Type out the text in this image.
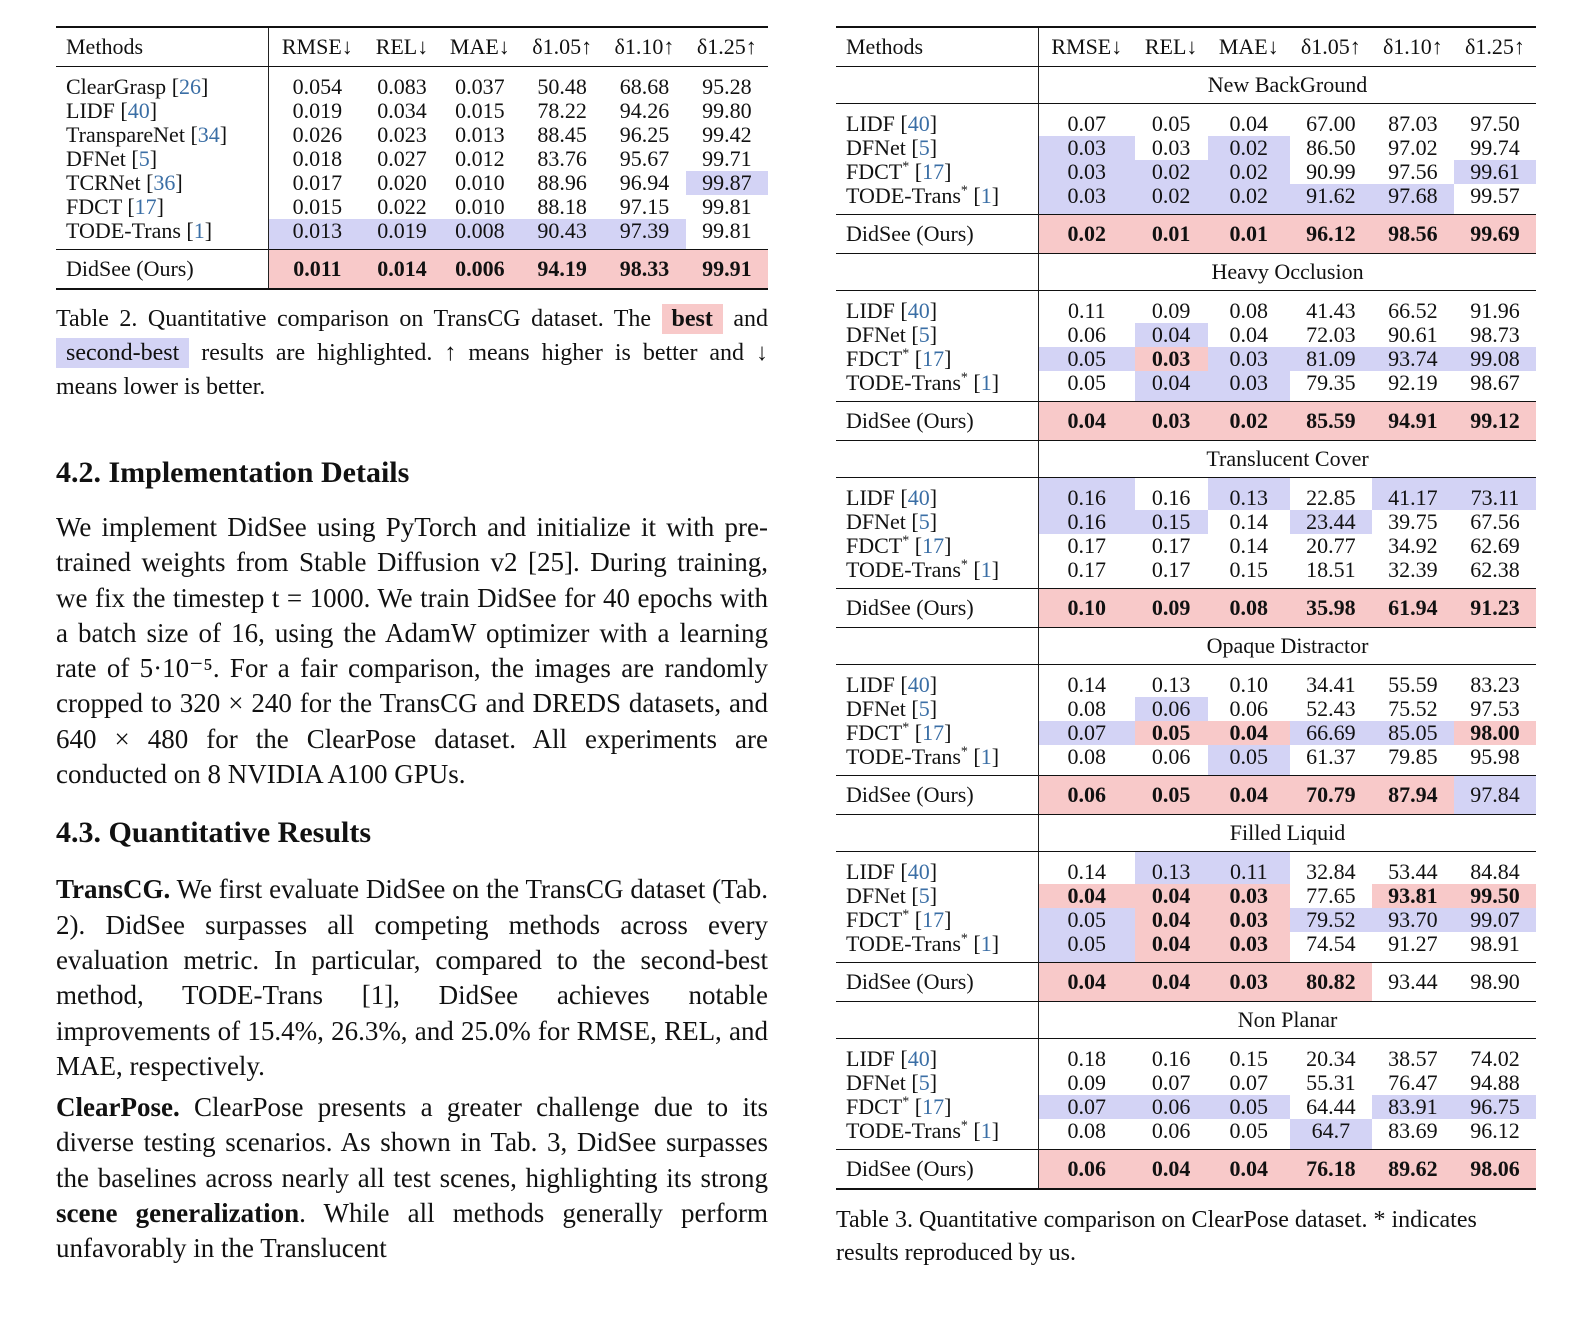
Methods	RMSE↓	REL↓	MAE↓	δ1.05↑	δ1.10↑	δ1.25↑
ClearGrasp [26]	0.054	0.083	0.037	50.48	68.68	95.28
LIDF [40]	0.019	0.034	0.015	78.22	94.26	99.80
TranspareNet [34]	0.026	0.023	0.013	88.45	96.25	99.42
DFNet [5]	0.018	0.027	0.012	83.76	95.67	99.71
TCRNet [36]	0.017	0.020	0.010	88.96	96.94	99.87
FDCT [17]	0.015	0.022	0.010	88.18	97.15	99.81
TODE-Trans [1]	0.013	0.019	0.008	90.43	97.39	99.81
DidSee (Ours)	0.011	0.014	0.006	94.19	98.33	99.91
Table 2. Quantitative comparison on TransCG dataset. The best and second-best results are highlighted. ↑ means higher is better and ↓ means lower is better.
4.2. Implementation Details

We implement DidSee using PyTorch and initialize it with pre-trained weights from Stable Diffusion v2 [25]. During training, we fix the timestep t = 1000. We train DidSee for 40 epochs with a batch size of 16, using the AdamW optimizer with a learning rate of 5·10⁻⁵. For a fair comparison, the images are randomly cropped to 320 × 240 for the TransCG and DREDS datasets, and 640 × 480 for the ClearPose dataset. All experiments are conducted on 8 NVIDIA A100 GPUs.

4.3. Quantitative Results

TransCG. We first evaluate DidSee on the TransCG dataset (Tab. 2). DidSee surpasses all competing methods across every evaluation metric. In particular, compared to the second-best method, TODE-Trans [1], DidSee achieves notable improvements of 15.4%, 26.3%, and 25.0% for RMSE, REL, and MAE, respectively.

ClearPose. ClearPose presents a greater challenge due to its diverse testing scenarios. As shown in Tab. 3, DidSee surpasses the baselines across nearly all test scenes, highlighting its strong scene generalization. While all methods generally perform unfavorably in the Translucent

Methods	RMSE↓	REL↓	MAE↓	δ1.05↑	δ1.10↑	δ1.25↑
	New BackGround					
LIDF [40]	0.07	0.05	0.04	67.00	87.03	97.50
DFNet [5]	0.03	0.03	0.02	86.50	97.02	99.74
FDCT* [17]	0.03	0.02	0.02	90.99	97.56	99.61
TODE-Trans* [1]	0.03	0.02	0.02	91.62	97.68	99.57
DidSee (Ours)	0.02	0.01	0.01	96.12	98.56	99.69
	Heavy Occlusion					
LIDF [40]	0.11	0.09	0.08	41.43	66.52	91.96
DFNet [5]	0.06	0.04	0.04	72.03	90.61	98.73
FDCT* [17]	0.05	0.03	0.03	81.09	93.74	99.08
TODE-Trans* [1]	0.05	0.04	0.03	79.35	92.19	98.67
DidSee (Ours)	0.04	0.03	0.02	85.59	94.91	99.12
	Translucent Cover					
LIDF [40]	0.16	0.16	0.13	22.85	41.17	73.11
DFNet [5]	0.16	0.15	0.14	23.44	39.75	67.56
FDCT* [17]	0.17	0.17	0.14	20.77	34.92	62.69
TODE-Trans* [1]	0.17	0.17	0.15	18.51	32.39	62.38
DidSee (Ours)	0.10	0.09	0.08	35.98	61.94	91.23
	Opaque Distractor					
LIDF [40]	0.14	0.13	0.10	34.41	55.59	83.23
DFNet [5]	0.08	0.06	0.06	52.43	75.52	97.53
FDCT* [17]	0.07	0.05	0.04	66.69	85.05	98.00
TODE-Trans* [1]	0.08	0.06	0.05	61.37	79.85	95.98
DidSee (Ours)	0.06	0.05	0.04	70.79	87.94	97.84
	Filled Liquid					
LIDF [40]	0.14	0.13	0.11	32.84	53.44	84.84
DFNet [5]	0.04	0.04	0.03	77.65	93.81	99.50
FDCT* [17]	0.05	0.04	0.03	79.52	93.70	99.07
TODE-Trans* [1]	0.05	0.04	0.03	74.54	91.27	98.91
DidSee (Ours)	0.04	0.04	0.03	80.82	93.44	98.90
	Non Planar					
LIDF [40]	0.18	0.16	0.15	20.34	38.57	74.02
DFNet [5]	0.09	0.07	0.07	55.31	76.47	94.88
FDCT* [17]	0.07	0.06	0.05	64.44	83.91	96.75
TODE-Trans* [1]	0.08	0.06	0.05	64.7	83.69	96.12
DidSee (Ours)	0.06	0.04	0.04	76.18	89.62	98.06
Table 3. Quantitative comparison on ClearPose dataset. * indicates results reproduced by us.
